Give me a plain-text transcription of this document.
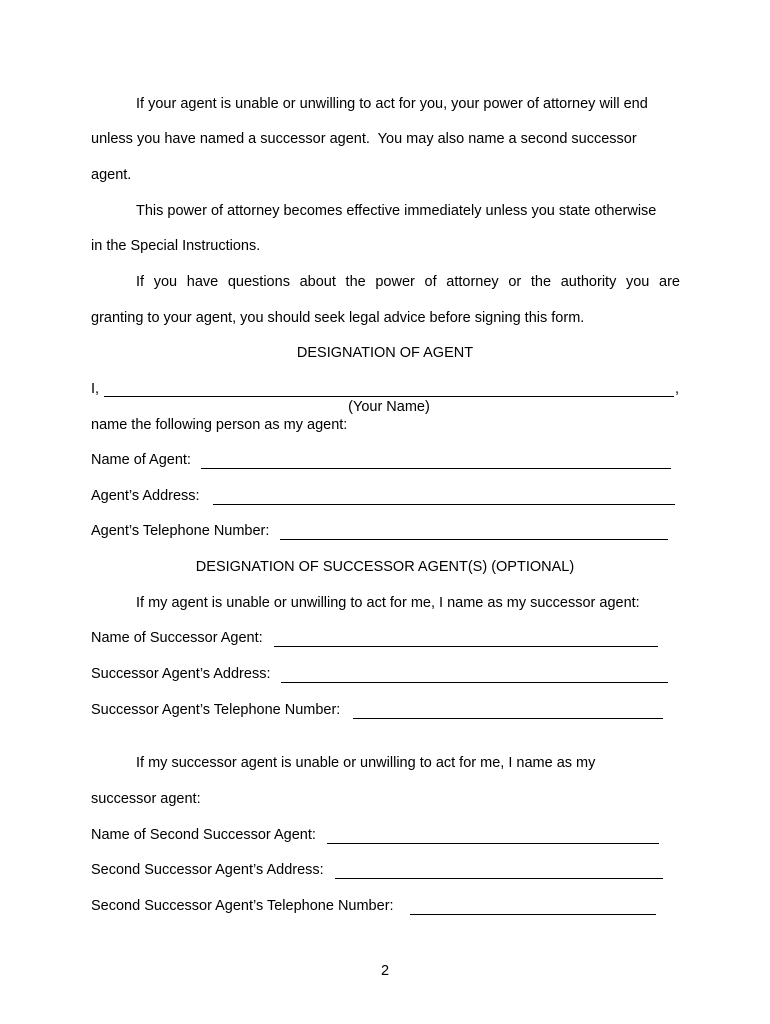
If your agent is unable or unwilling to act for you, your power of attorney will end
unless you have named a successor agent.  You may also name a second successor
agent.
This power of attorney becomes effective immediately unless you state otherwise
in the Special Instructions.
If you have questions about the power of attorney or the authority you are
granting to your agent, you should seek legal advice before signing this form.
DESIGNATION OF AGENT
I,	,
(Your Name)
name the following person as my agent:
Name of Agent:
Agent’s Address:
Agent’s Telephone Number:
DESIGNATION OF SUCCESSOR AGENT(S) (OPTIONAL)
If my agent is unable or unwilling to act for me, I name as my successor agent:
Name of Successor Agent:
Successor Agent’s Address:
Successor Agent’s Telephone Number:
If my successor agent is unable or unwilling to act for me, I name as my
successor agent:
Name of Second Successor Agent:
Second Successor Agent’s Address:
Second Successor Agent’s Telephone Number:
2
